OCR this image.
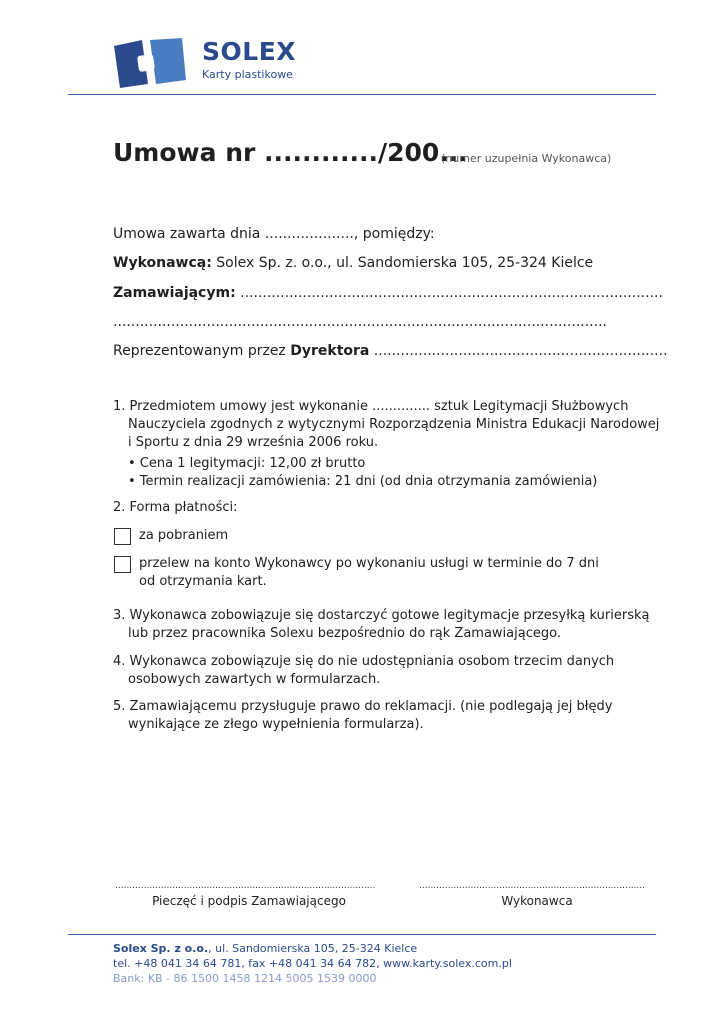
SOLEX
Karty plastikowe
Umowa nr ............/200...
(numer uzupełnia Wykonawca)
Umowa zawarta dnia ...................., pomiędzy:
Wykonawcą: Solex Sp. z. o.o., ul. Sandomierska 105, 25-324 Kielce
Zamawiającym: ...............................................................................................
...............................................................................................................
Reprezentowanym przez Dyrektora ..................................................................
1. Przedmiotem umowy jest wykonanie .............. sztuk Legitymacji Służbowych
Nauczyciela zgodnych z wytycznymi Rozporządzenia Ministra Edukacji Narodowej
i Sportu z dnia 29 września 2006 roku.
• Cena 1 legitymacji: 12,00 zł brutto
• Termin realizacji zamówienia: 21 dni (od dnia otrzymania zamówienia)
2. Forma płatności:
za pobraniem
przelew na konto Wykonawcy po wykonaniu usługi w terminie do 7 dni
od otrzymania kart.
3. Wykonawca zobowiązuje się dostarczyć gotowe legitymacje przesyłką kurierską
lub przez pracownika Solexu bezpośrednio do rąk Zamawiającego.
4. Wykonawca zobowiązuje się do nie udostępniania osobom trzecim danych
osobowych zawartych w formularzach.
5. Zamawiającemu przysługuje prawo do reklamacji. (nie podlegają jej błędy
wynikające ze złego wypełnienia formularza).
...........................................................................................	...............................................................................
Pieczęć i podpis Zamawiającego	Wykonawca
Solex Sp. z o.o., ul. Sandomierska 105, 25-324 Kielce
tel. +48 041 34 64 781, fax +48 041 34 64 782, www.karty.solex.com.pl
Bank: KB - 86 1500 1458 1214 5005 1539 0000
